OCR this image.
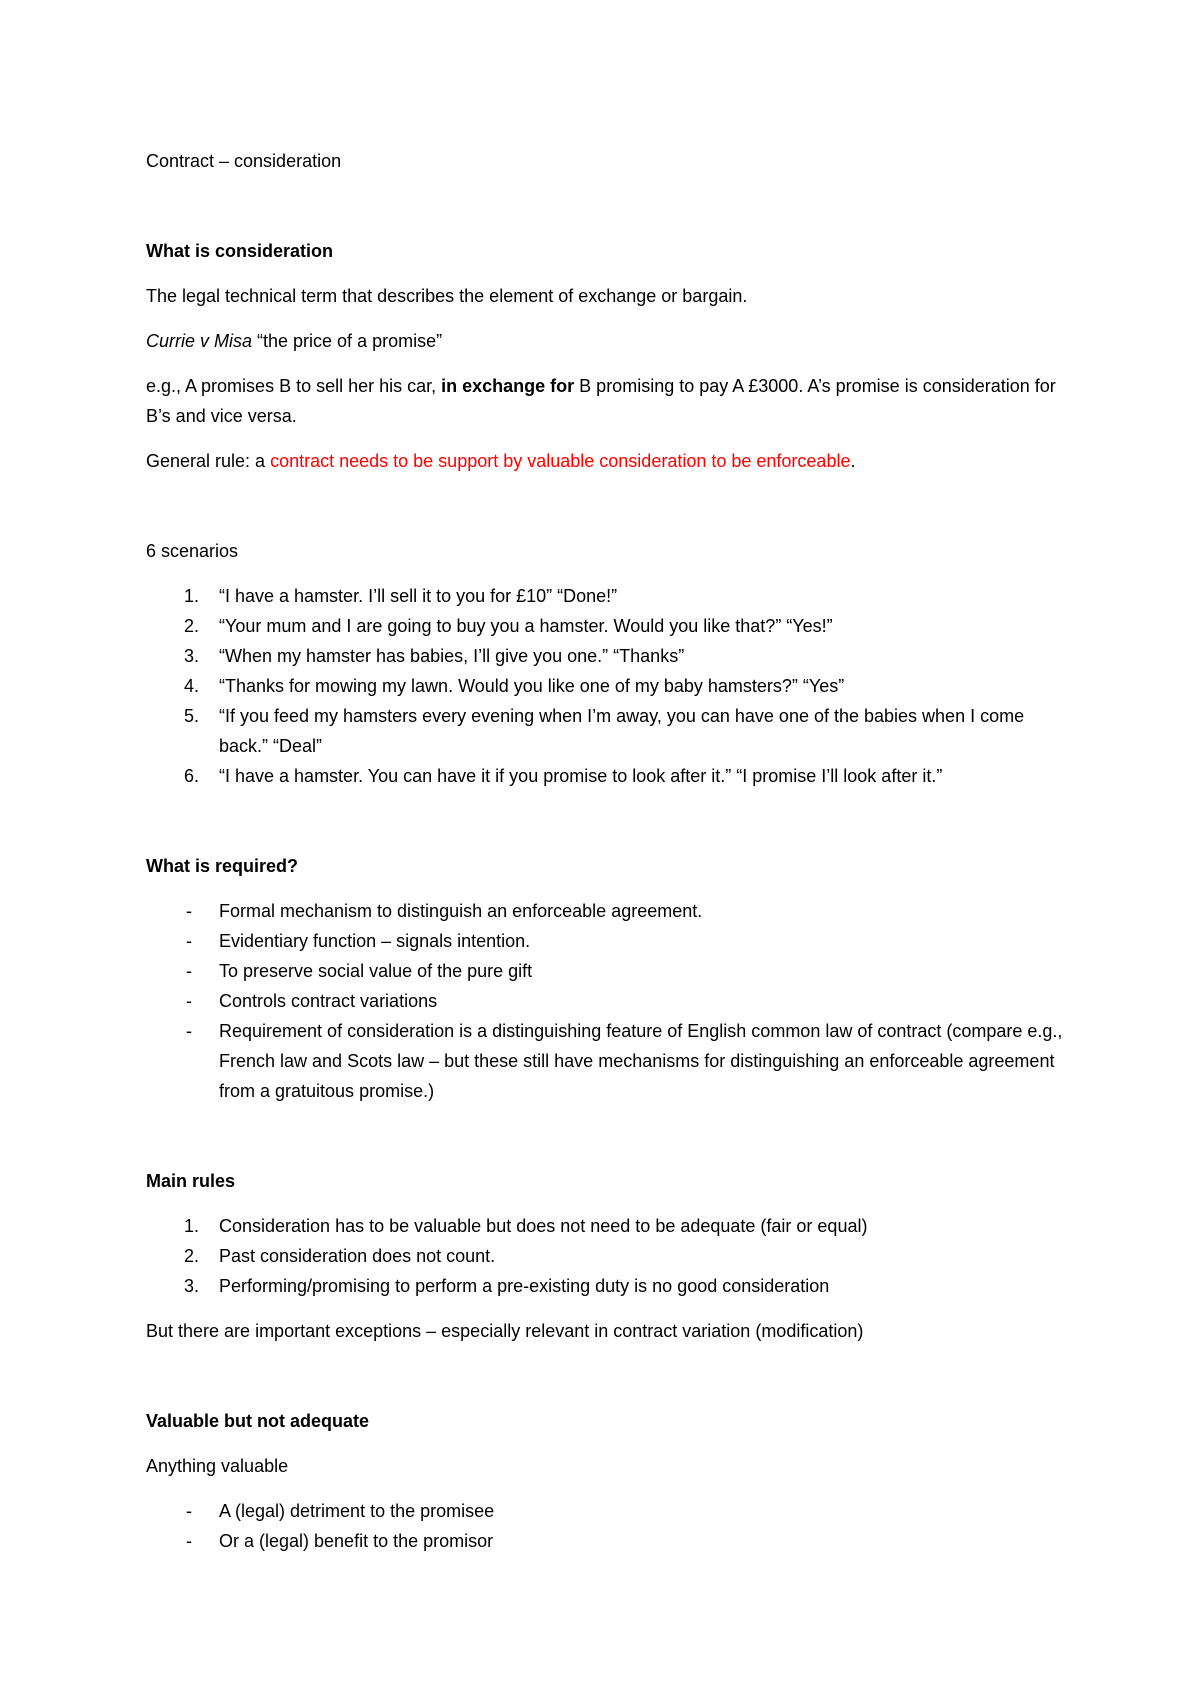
Contract – consideration

What is consideration

The legal technical term that describes the element of exchange or bargain.

Currie v Misa “the price of a promise”

e.g., A promises B to sell her his car, in exchange for B promising to pay A £3000. A’s promise is consideration for B’s and vice versa.

General rule: a contract needs to be support by valuable consideration to be enforceable.

6 scenarios

1. “I have a hamster. I’ll sell it to you for £10” “Done!”
2. “Your mum and I are going to buy you a hamster. Would you like that?” “Yes!”
3. “When my hamster has babies, I’ll give you one.” “Thanks”
4. “Thanks for mowing my lawn. Would you like one of my baby hamsters?” “Yes”
5. “If you feed my hamsters every evening when I’m away, you can have one of the babies when I come back.” “Deal”
6. “I have a hamster. You can have it if you promise to look after it.” “I promise I’ll look after it.”

What is required?

- Formal mechanism to distinguish an enforceable agreement.
- Evidentiary function – signals intention.
- To preserve social value of the pure gift
- Controls contract variations
- Requirement of consideration is a distinguishing feature of English common law of contract (compare e.g., French law and Scots law – but these still have mechanisms for distinguishing an enforceable agreement from a gratuitous promise.)

Main rules

1. Consideration has to be valuable but does not need to be adequate (fair or equal)
2. Past consideration does not count.
3. Performing/promising to perform a pre-existing duty is no good consideration

But there are important exceptions – especially relevant in contract variation (modification)

Valuable but not adequate

Anything valuable

- A (legal) detriment to the promisee
- Or a (legal) benefit to the promisor
